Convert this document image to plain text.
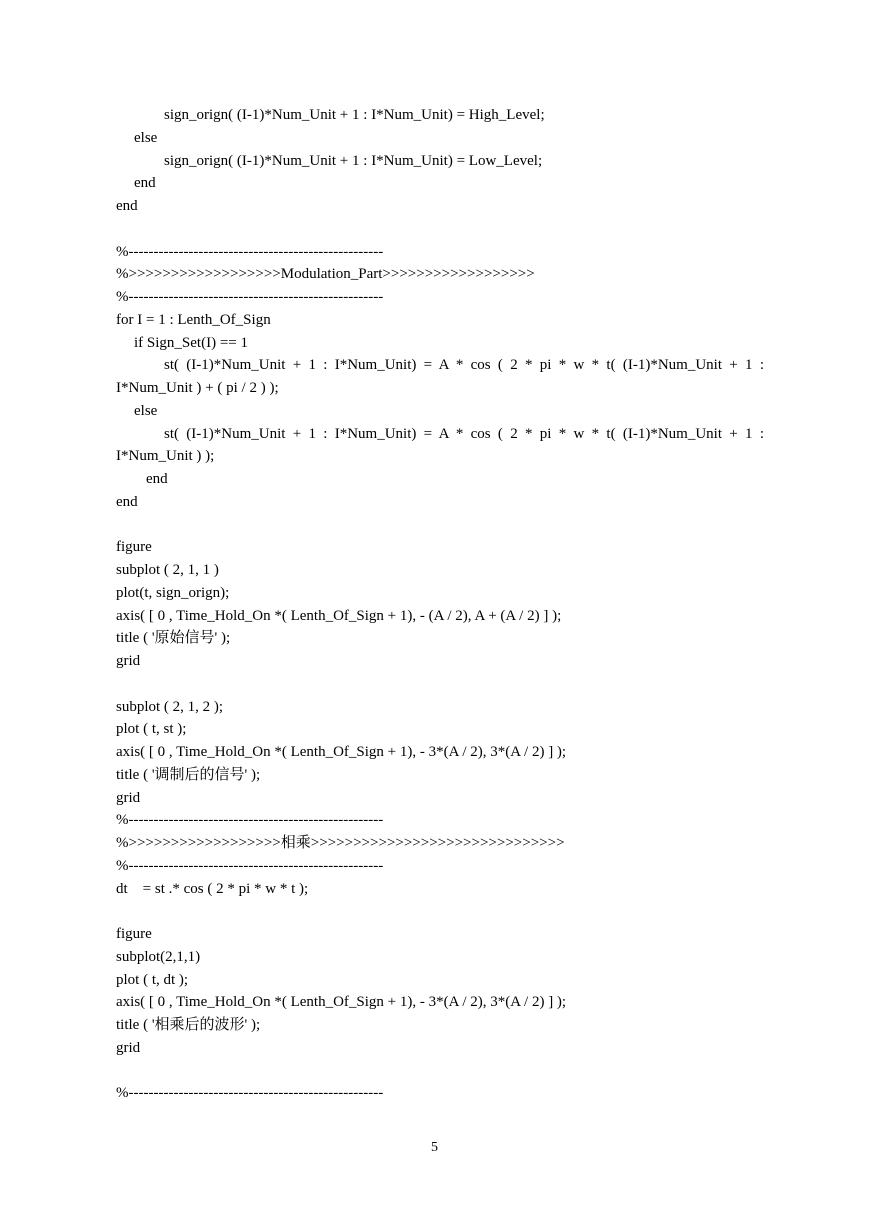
sign_orign( (I-1)*Num_Unit + 1 : I*Num_Unit) = High_Level;
else
sign_orign( (I-1)*Num_Unit + 1 : I*Num_Unit) = Low_Level;
end
end
%---------------------------------------------------
%>>>>>>>>>>>>>>>>>>Modulation_Part>>>>>>>>>>>>>>>>>>
%---------------------------------------------------
for I = 1 : Lenth_Of_Sign
if Sign_Set(I) == 1
st( (I-1)*Num_Unit + 1 : I*Num_Unit) = A * cos ( 2 * pi * w * t( (I-1)*Num_Unit + 1 :
I*Num_Unit ) + ( pi / 2 ) );
else
st( (I-1)*Num_Unit + 1 : I*Num_Unit) = A * cos ( 2 * pi * w * t( (I-1)*Num_Unit + 1 :
I*Num_Unit ) );
end
end
figure
subplot ( 2, 1, 1 )
plot(t, sign_orign);
axis( [ 0 , Time_Hold_On *( Lenth_Of_Sign + 1), - (A / 2), A + (A / 2) ] );
title ( '原始信号' );
grid
subplot ( 2, 1, 2 );
plot ( t, st );
axis( [ 0 , Time_Hold_On *( Lenth_Of_Sign + 1), - 3*(A / 2), 3*(A / 2) ] );
title ( '调制后的信号' );
grid
%---------------------------------------------------
%>>>>>>>>>>>>>>>>>>相乘>>>>>>>>>>>>>>>>>>>>>>>>>>>>>>
%---------------------------------------------------
dt    = st .* cos ( 2 * pi * w * t );
figure
subplot(2,1,1)
plot ( t, dt );
axis( [ 0 , Time_Hold_On *( Lenth_Of_Sign + 1), - 3*(A / 2), 3*(A / 2) ] );
title ( '相乘后的波形' );
grid
%---------------------------------------------------
5
